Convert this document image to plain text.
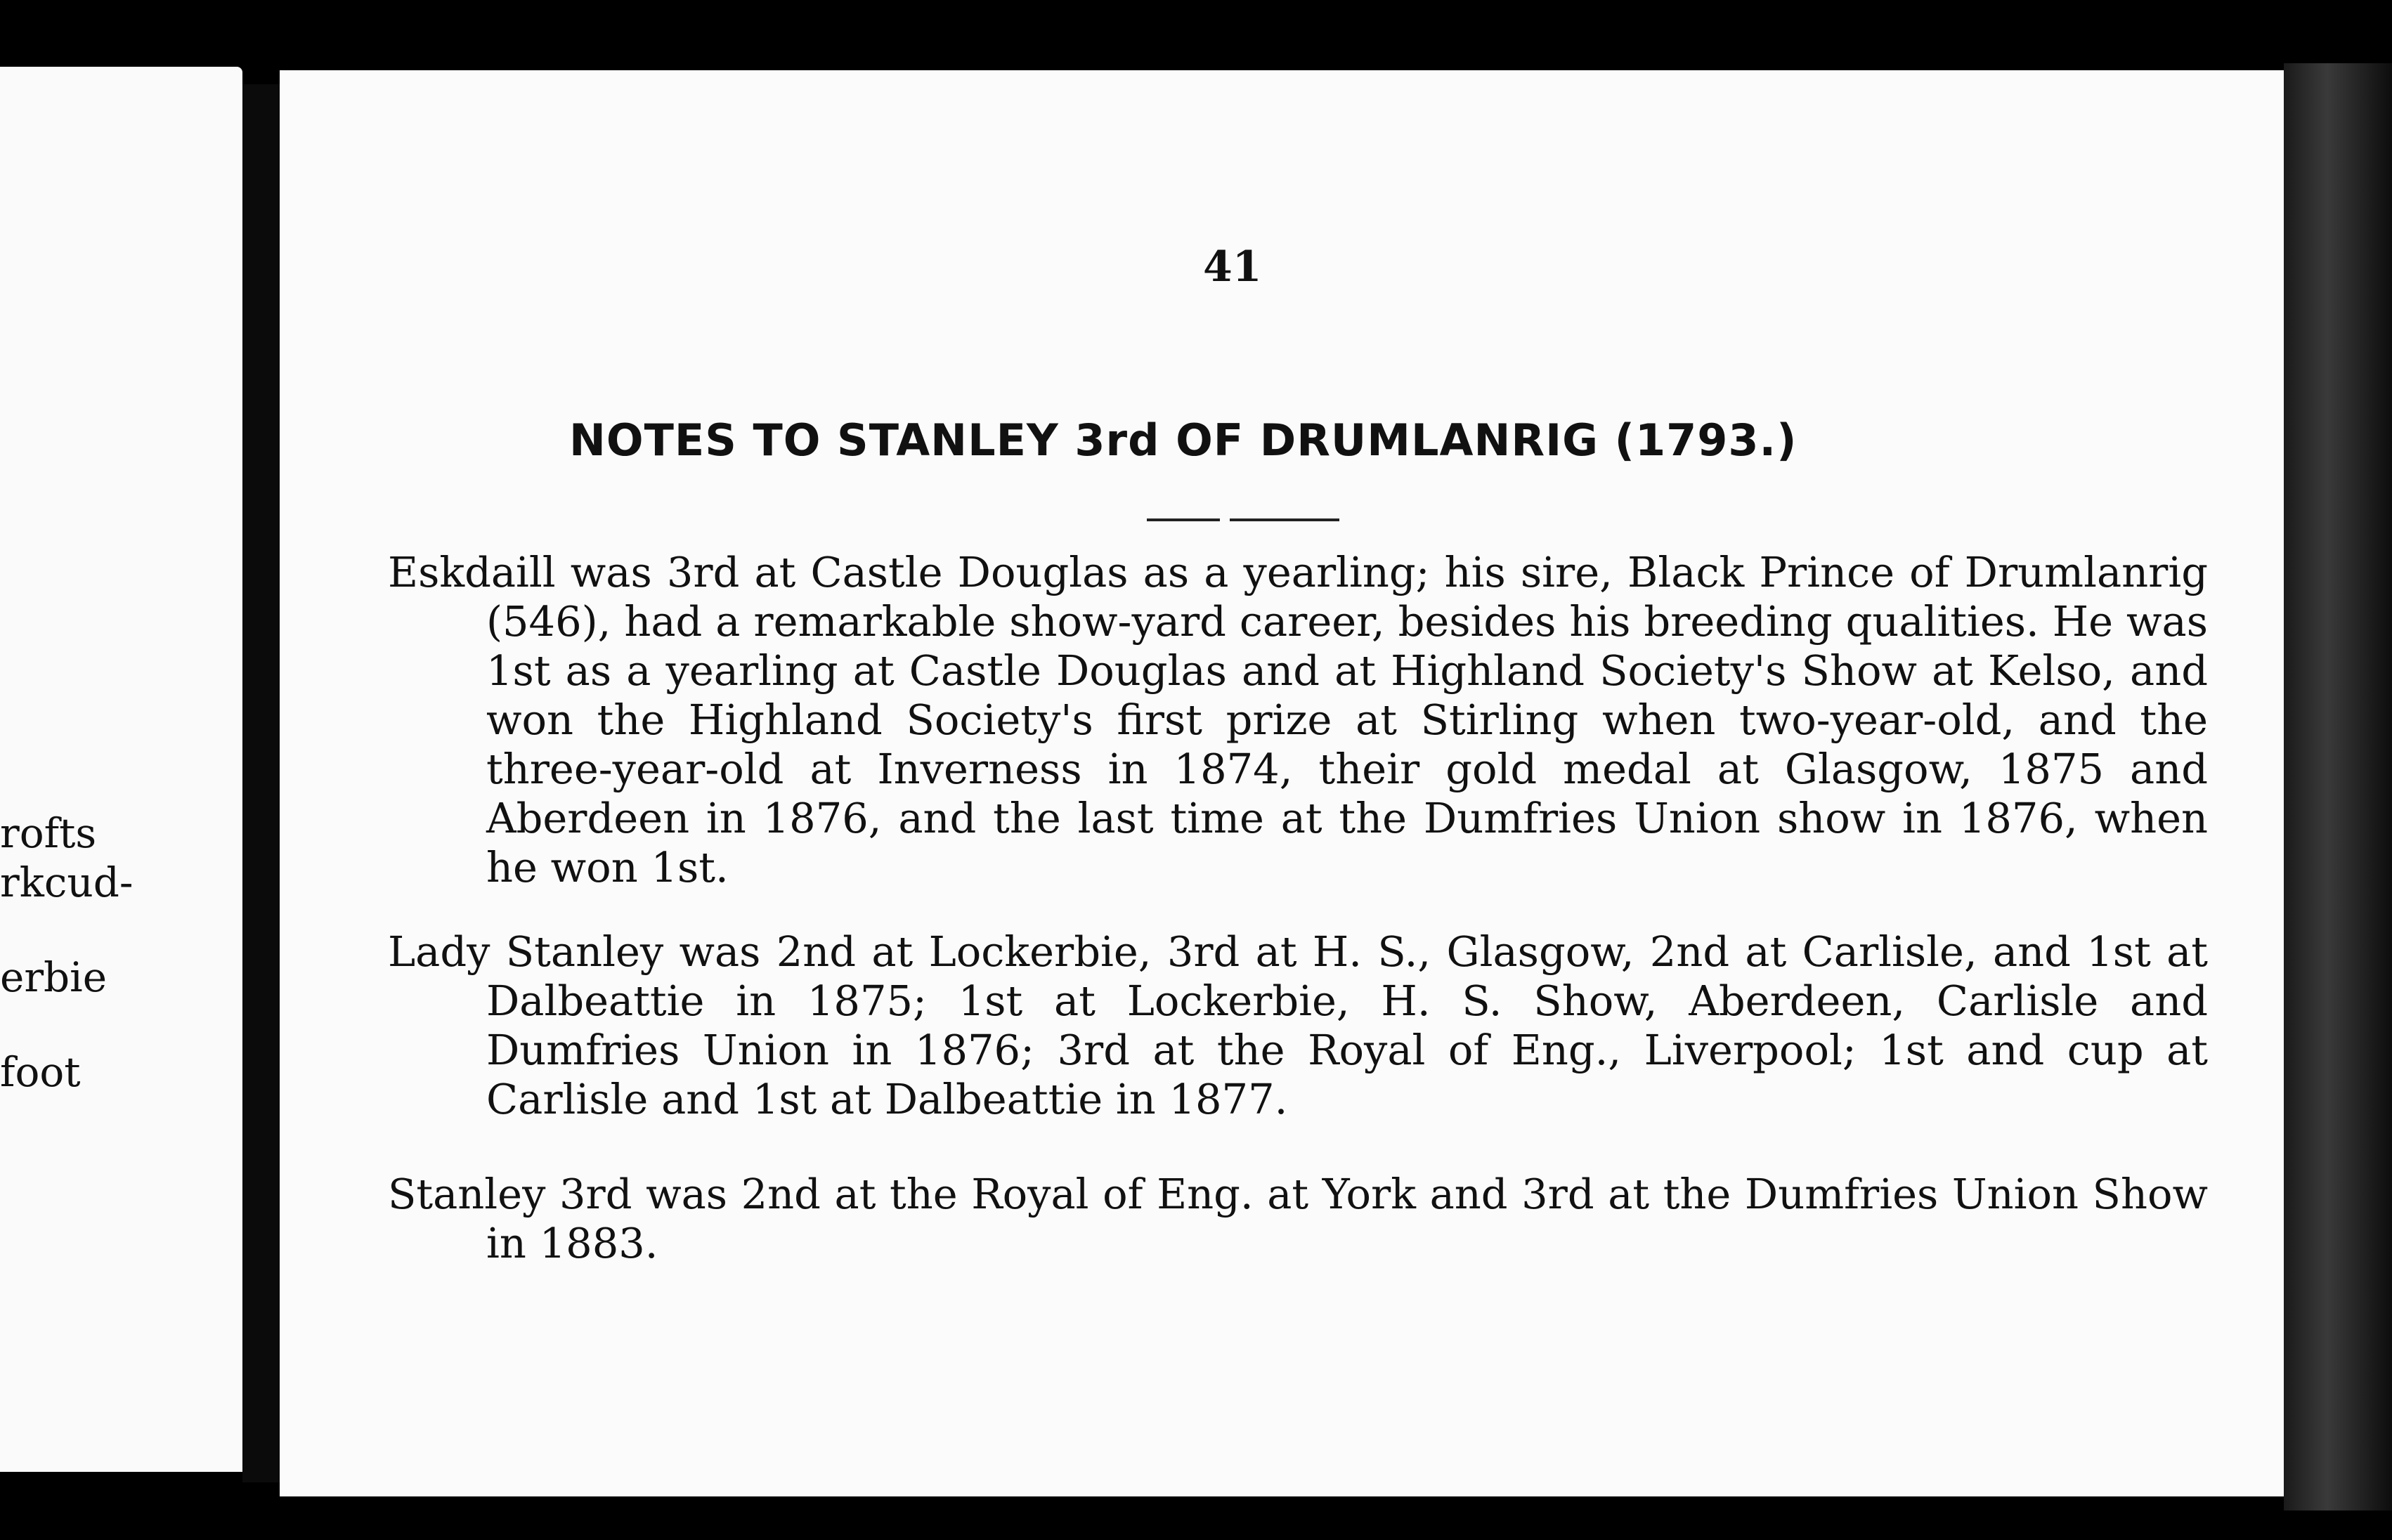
rofts
rkcud-
erbie
foot
41
NOTES TO STANLEY 3rd OF DRUMLANRIG (1793.)

Eskdaill was 3rd at Castle Douglas as a yearling; his sire, Black Prince of Drumlanrig (546), had a remarkable show-yard career, besides his breeding qualities. He was 1st as a yearling at Castle Douglas and at Highland Society's Show at Kelso, and won the Highland Society's first prize at Stirling when two-year-old, and the three-year-old at Inverness in 1874, their gold medal at Glasgow, 1875 and Aberdeen in 1876, and the last time at the Dumfries Union show in 1876, when he won 1st.

Lady Stanley was 2nd at Lockerbie, 3rd at H. S., Glasgow, 2nd at Carlisle, and 1st at Dalbeattie in 1875; 1st at Lockerbie, H. S. Show, Aberdeen, Carlisle and Dumfries Union in 1876; 3rd at the Royal of Eng., Liverpool; 1st and cup at Carlisle and 1st at Dalbeattie in 1877.

Stanley 3rd was 2nd at the Royal of Eng. at York and 3rd at the Dumfries Union Show in 1883.
